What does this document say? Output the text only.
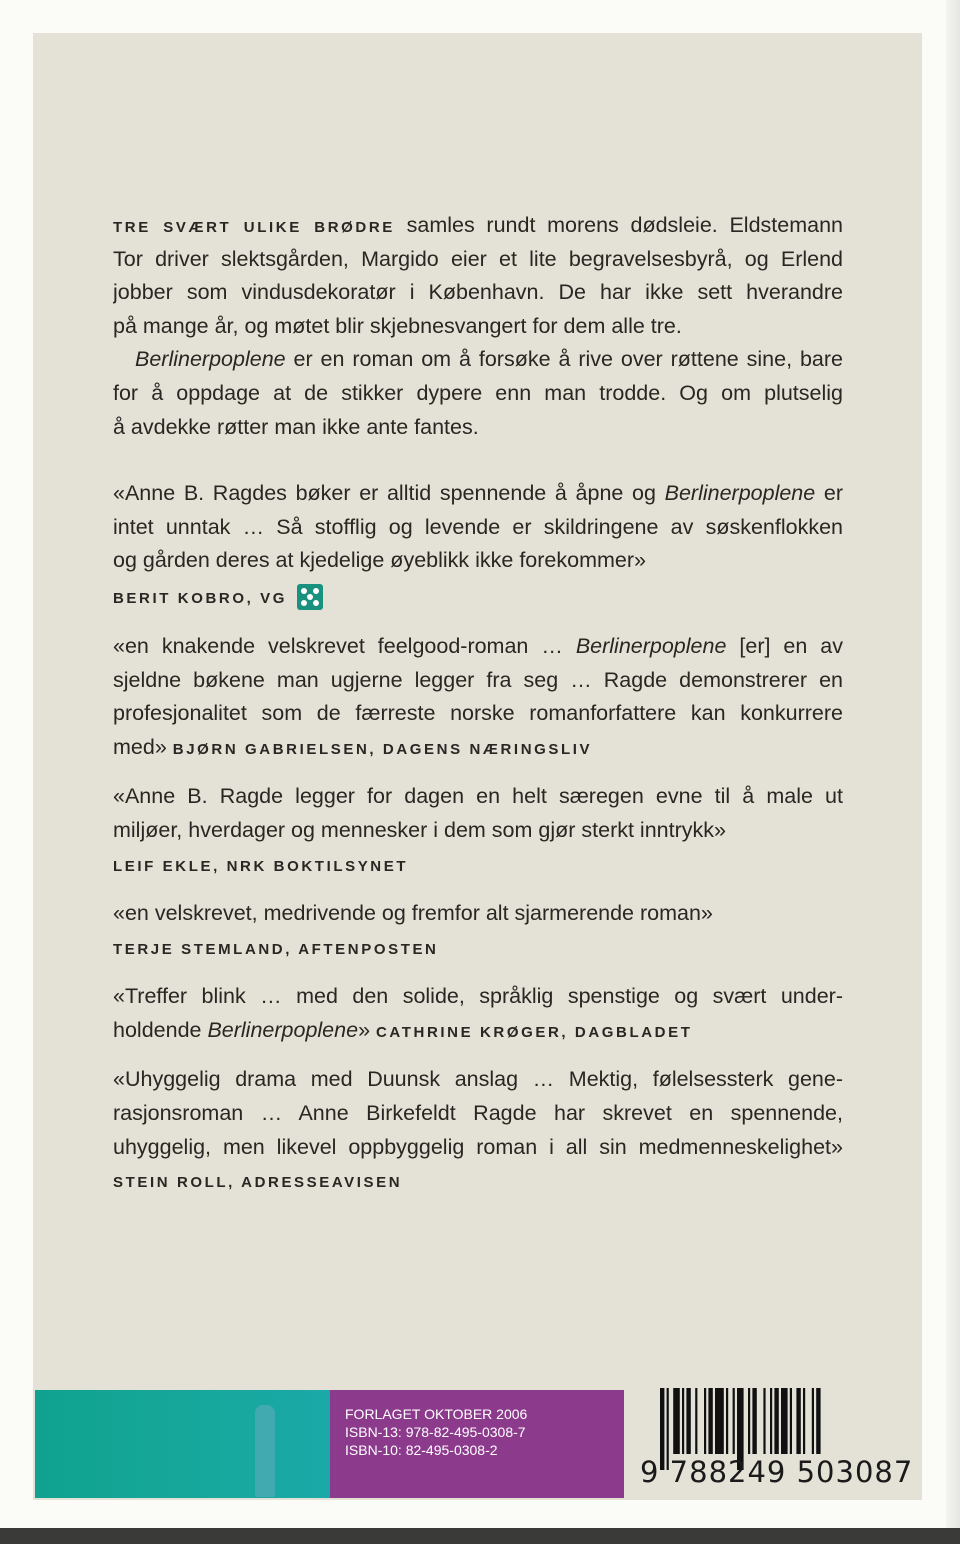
TRE SVÆRT ULIKE BRØDRE samles rundt morens dødsleie. Eldstemann
Tor driver slektsgården, Margido eier et lite begravelsesbyrå, og Erlend
jobber som vindusdekoratør i København. De har ikke sett hverandre
på mange år, og møtet blir skjebnesvangert for dem alle tre.
Berlinerpoplene er en roman om å forsøke å rive over røttene sine, bare
for å oppdage at de stikker dypere enn man trodde. Og om plutselig
å avdekke røtter man ikke ante fantes.
«Anne B. Ragdes bøker er alltid spennende å åpne og Berlinerpoplene er
intet unntak … Så stofflig og levende er skildringene av søskenflokken
og gården deres at kjedelige øyeblikk ikke forekommer»
BERIT KOBRO, VG
«en knakende velskrevet feelgood-roman … Berlinerpoplene [er] en av
sjeldne bøkene man ugjerne legger fra seg … Ragde demonstrerer en
profesjonalitet som de færreste norske romanforfattere kan konkurrere
med» BJØRN GABRIELSEN, DAGENS NÆRINGSLIV
«Anne B. Ragde legger for dagen en helt særegen evne til å male ut
miljøer, hverdager og mennesker i dem som gjør sterkt inntrykk»
LEIF EKLE, NRK BOKTILSYNET
«en velskrevet, medrivende og fremfor alt sjarmerende roman»
TERJE STEMLAND, AFTENPOSTEN
«Treffer blink … med den solide, språklig spenstige og svært under-
holdende Berlinerpoplene» CATHRINE KRØGER, DAGBLADET
«Uhyggelig drama med Duunsk anslag … Mektig, følelsessterk gene-
rasjonsroman … Anne Birkefeldt Ragde har skrevet en spennende,
uhyggelig, men likevel oppbyggelig roman i all sin medmenneskelighet»
STEIN ROLL, ADRESSEAVISEN
FORLAGET OKTOBER 2006
ISBN-13: 978-82-495-0308-7
ISBN-10: 82-495-0308-2
9 788249 503087
